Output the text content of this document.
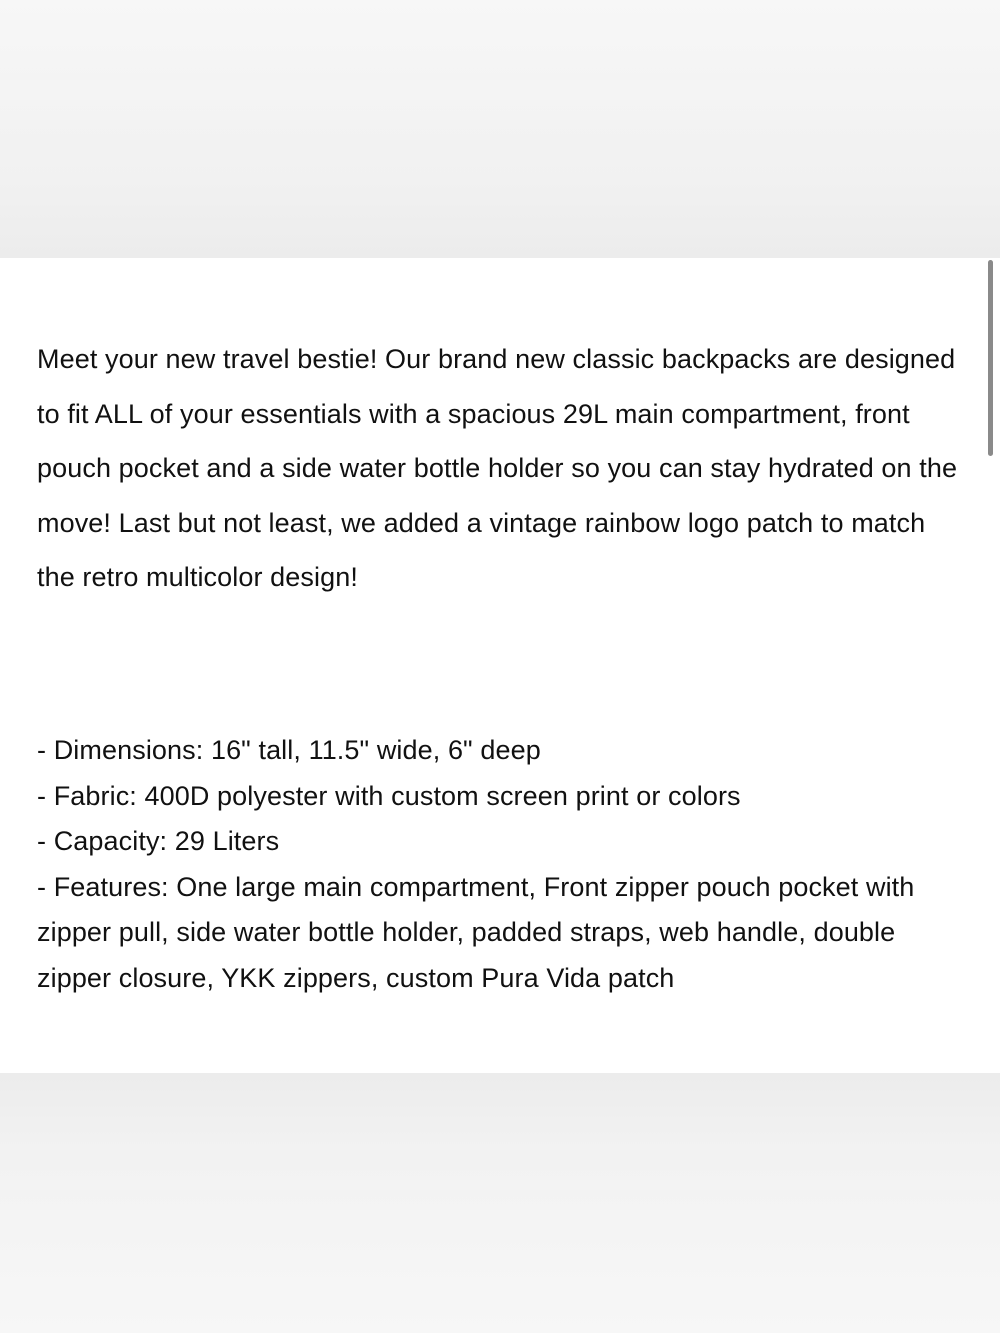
Meet your new travel bestie! Our brand new classic backpacks are designed to fit ALL of your essentials with a spacious 29L main compartment, front pouch pocket and a side water bottle holder so you can stay hydrated on the move! Last but not least, we added a vintage rainbow logo patch to match the retro multicolor design!

- Dimensions: 16" tall, 11.5" wide, 6" deep
- Fabric: 400D polyester with custom screen print or colors
- Capacity: 29 Liters
- Features: One large main compartment, Front zipper pouch pocket with zipper pull, side water bottle holder, padded straps, web handle, double zipper closure, YKK zippers, custom Pura Vida patch
